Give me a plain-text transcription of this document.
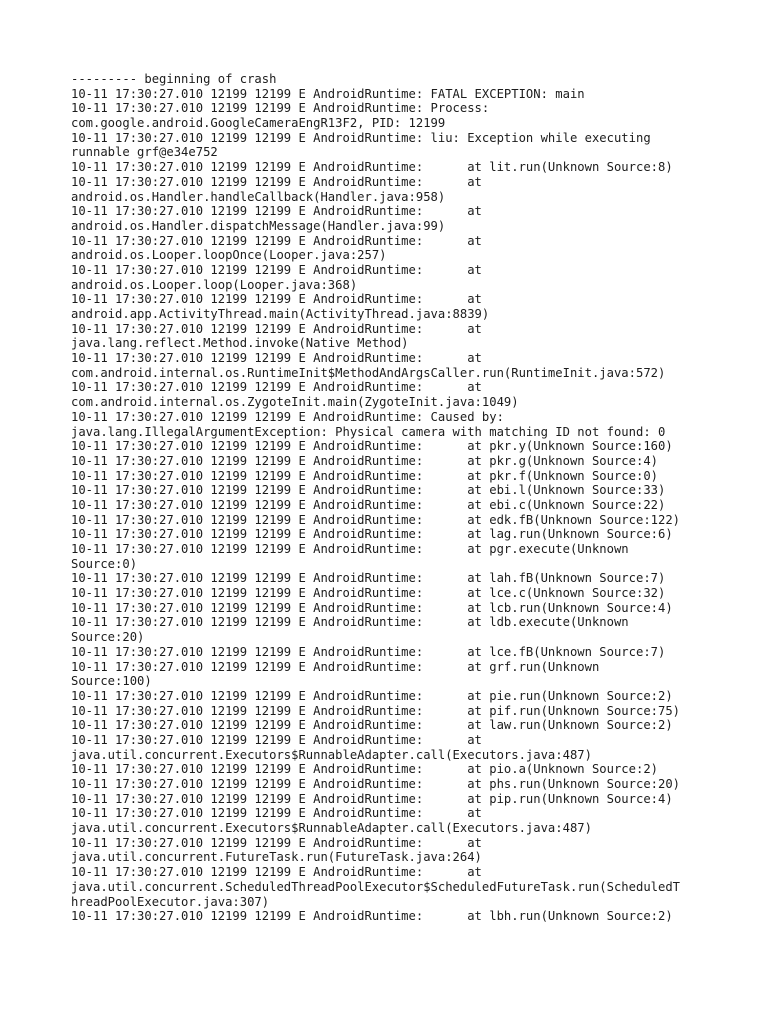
--------- beginning of crash
10-11 17:30:27.010 12199 12199 E AndroidRuntime: FATAL EXCEPTION: main
10-11 17:30:27.010 12199 12199 E AndroidRuntime: Process:
com.google.android.GoogleCameraEngR13F2, PID: 12199
10-11 17:30:27.010 12199 12199 E AndroidRuntime: liu: Exception while executing
runnable grf@e34e752
10-11 17:30:27.010 12199 12199 E AndroidRuntime:      at lit.run(Unknown Source:8)
10-11 17:30:27.010 12199 12199 E AndroidRuntime:      at
android.os.Handler.handleCallback(Handler.java:958)
10-11 17:30:27.010 12199 12199 E AndroidRuntime:      at
android.os.Handler.dispatchMessage(Handler.java:99)
10-11 17:30:27.010 12199 12199 E AndroidRuntime:      at
android.os.Looper.loopOnce(Looper.java:257)
10-11 17:30:27.010 12199 12199 E AndroidRuntime:      at
android.os.Looper.loop(Looper.java:368)
10-11 17:30:27.010 12199 12199 E AndroidRuntime:      at
android.app.ActivityThread.main(ActivityThread.java:8839)
10-11 17:30:27.010 12199 12199 E AndroidRuntime:      at
java.lang.reflect.Method.invoke(Native Method)
10-11 17:30:27.010 12199 12199 E AndroidRuntime:      at
com.android.internal.os.RuntimeInit$MethodAndArgsCaller.run(RuntimeInit.java:572)
10-11 17:30:27.010 12199 12199 E AndroidRuntime:      at
com.android.internal.os.ZygoteInit.main(ZygoteInit.java:1049)
10-11 17:30:27.010 12199 12199 E AndroidRuntime: Caused by:
java.lang.IllegalArgumentException: Physical camera with matching ID not found: 0
10-11 17:30:27.010 12199 12199 E AndroidRuntime:      at pkr.y(Unknown Source:160)
10-11 17:30:27.010 12199 12199 E AndroidRuntime:      at pkr.g(Unknown Source:4)
10-11 17:30:27.010 12199 12199 E AndroidRuntime:      at pkr.f(Unknown Source:0)
10-11 17:30:27.010 12199 12199 E AndroidRuntime:      at ebi.l(Unknown Source:33)
10-11 17:30:27.010 12199 12199 E AndroidRuntime:      at ebi.c(Unknown Source:22)
10-11 17:30:27.010 12199 12199 E AndroidRuntime:      at edk.fB(Unknown Source:122)
10-11 17:30:27.010 12199 12199 E AndroidRuntime:      at lag.run(Unknown Source:6)
10-11 17:30:27.010 12199 12199 E AndroidRuntime:      at pgr.execute(Unknown
Source:0)
10-11 17:30:27.010 12199 12199 E AndroidRuntime:      at lah.fB(Unknown Source:7)
10-11 17:30:27.010 12199 12199 E AndroidRuntime:      at lce.c(Unknown Source:32)
10-11 17:30:27.010 12199 12199 E AndroidRuntime:      at lcb.run(Unknown Source:4)
10-11 17:30:27.010 12199 12199 E AndroidRuntime:      at ldb.execute(Unknown
Source:20)
10-11 17:30:27.010 12199 12199 E AndroidRuntime:      at lce.fB(Unknown Source:7)
10-11 17:30:27.010 12199 12199 E AndroidRuntime:      at grf.run(Unknown
Source:100)
10-11 17:30:27.010 12199 12199 E AndroidRuntime:      at pie.run(Unknown Source:2)
10-11 17:30:27.010 12199 12199 E AndroidRuntime:      at pif.run(Unknown Source:75)
10-11 17:30:27.010 12199 12199 E AndroidRuntime:      at law.run(Unknown Source:2)
10-11 17:30:27.010 12199 12199 E AndroidRuntime:      at
java.util.concurrent.Executors$RunnableAdapter.call(Executors.java:487)
10-11 17:30:27.010 12199 12199 E AndroidRuntime:      at pio.a(Unknown Source:2)
10-11 17:30:27.010 12199 12199 E AndroidRuntime:      at phs.run(Unknown Source:20)
10-11 17:30:27.010 12199 12199 E AndroidRuntime:      at pip.run(Unknown Source:4)
10-11 17:30:27.010 12199 12199 E AndroidRuntime:      at
java.util.concurrent.Executors$RunnableAdapter.call(Executors.java:487)
10-11 17:30:27.010 12199 12199 E AndroidRuntime:      at
java.util.concurrent.FutureTask.run(FutureTask.java:264)
10-11 17:30:27.010 12199 12199 E AndroidRuntime:      at
java.util.concurrent.ScheduledThreadPoolExecutor$ScheduledFutureTask.run(ScheduledT
hreadPoolExecutor.java:307)
10-11 17:30:27.010 12199 12199 E AndroidRuntime:      at lbh.run(Unknown Source:2)
